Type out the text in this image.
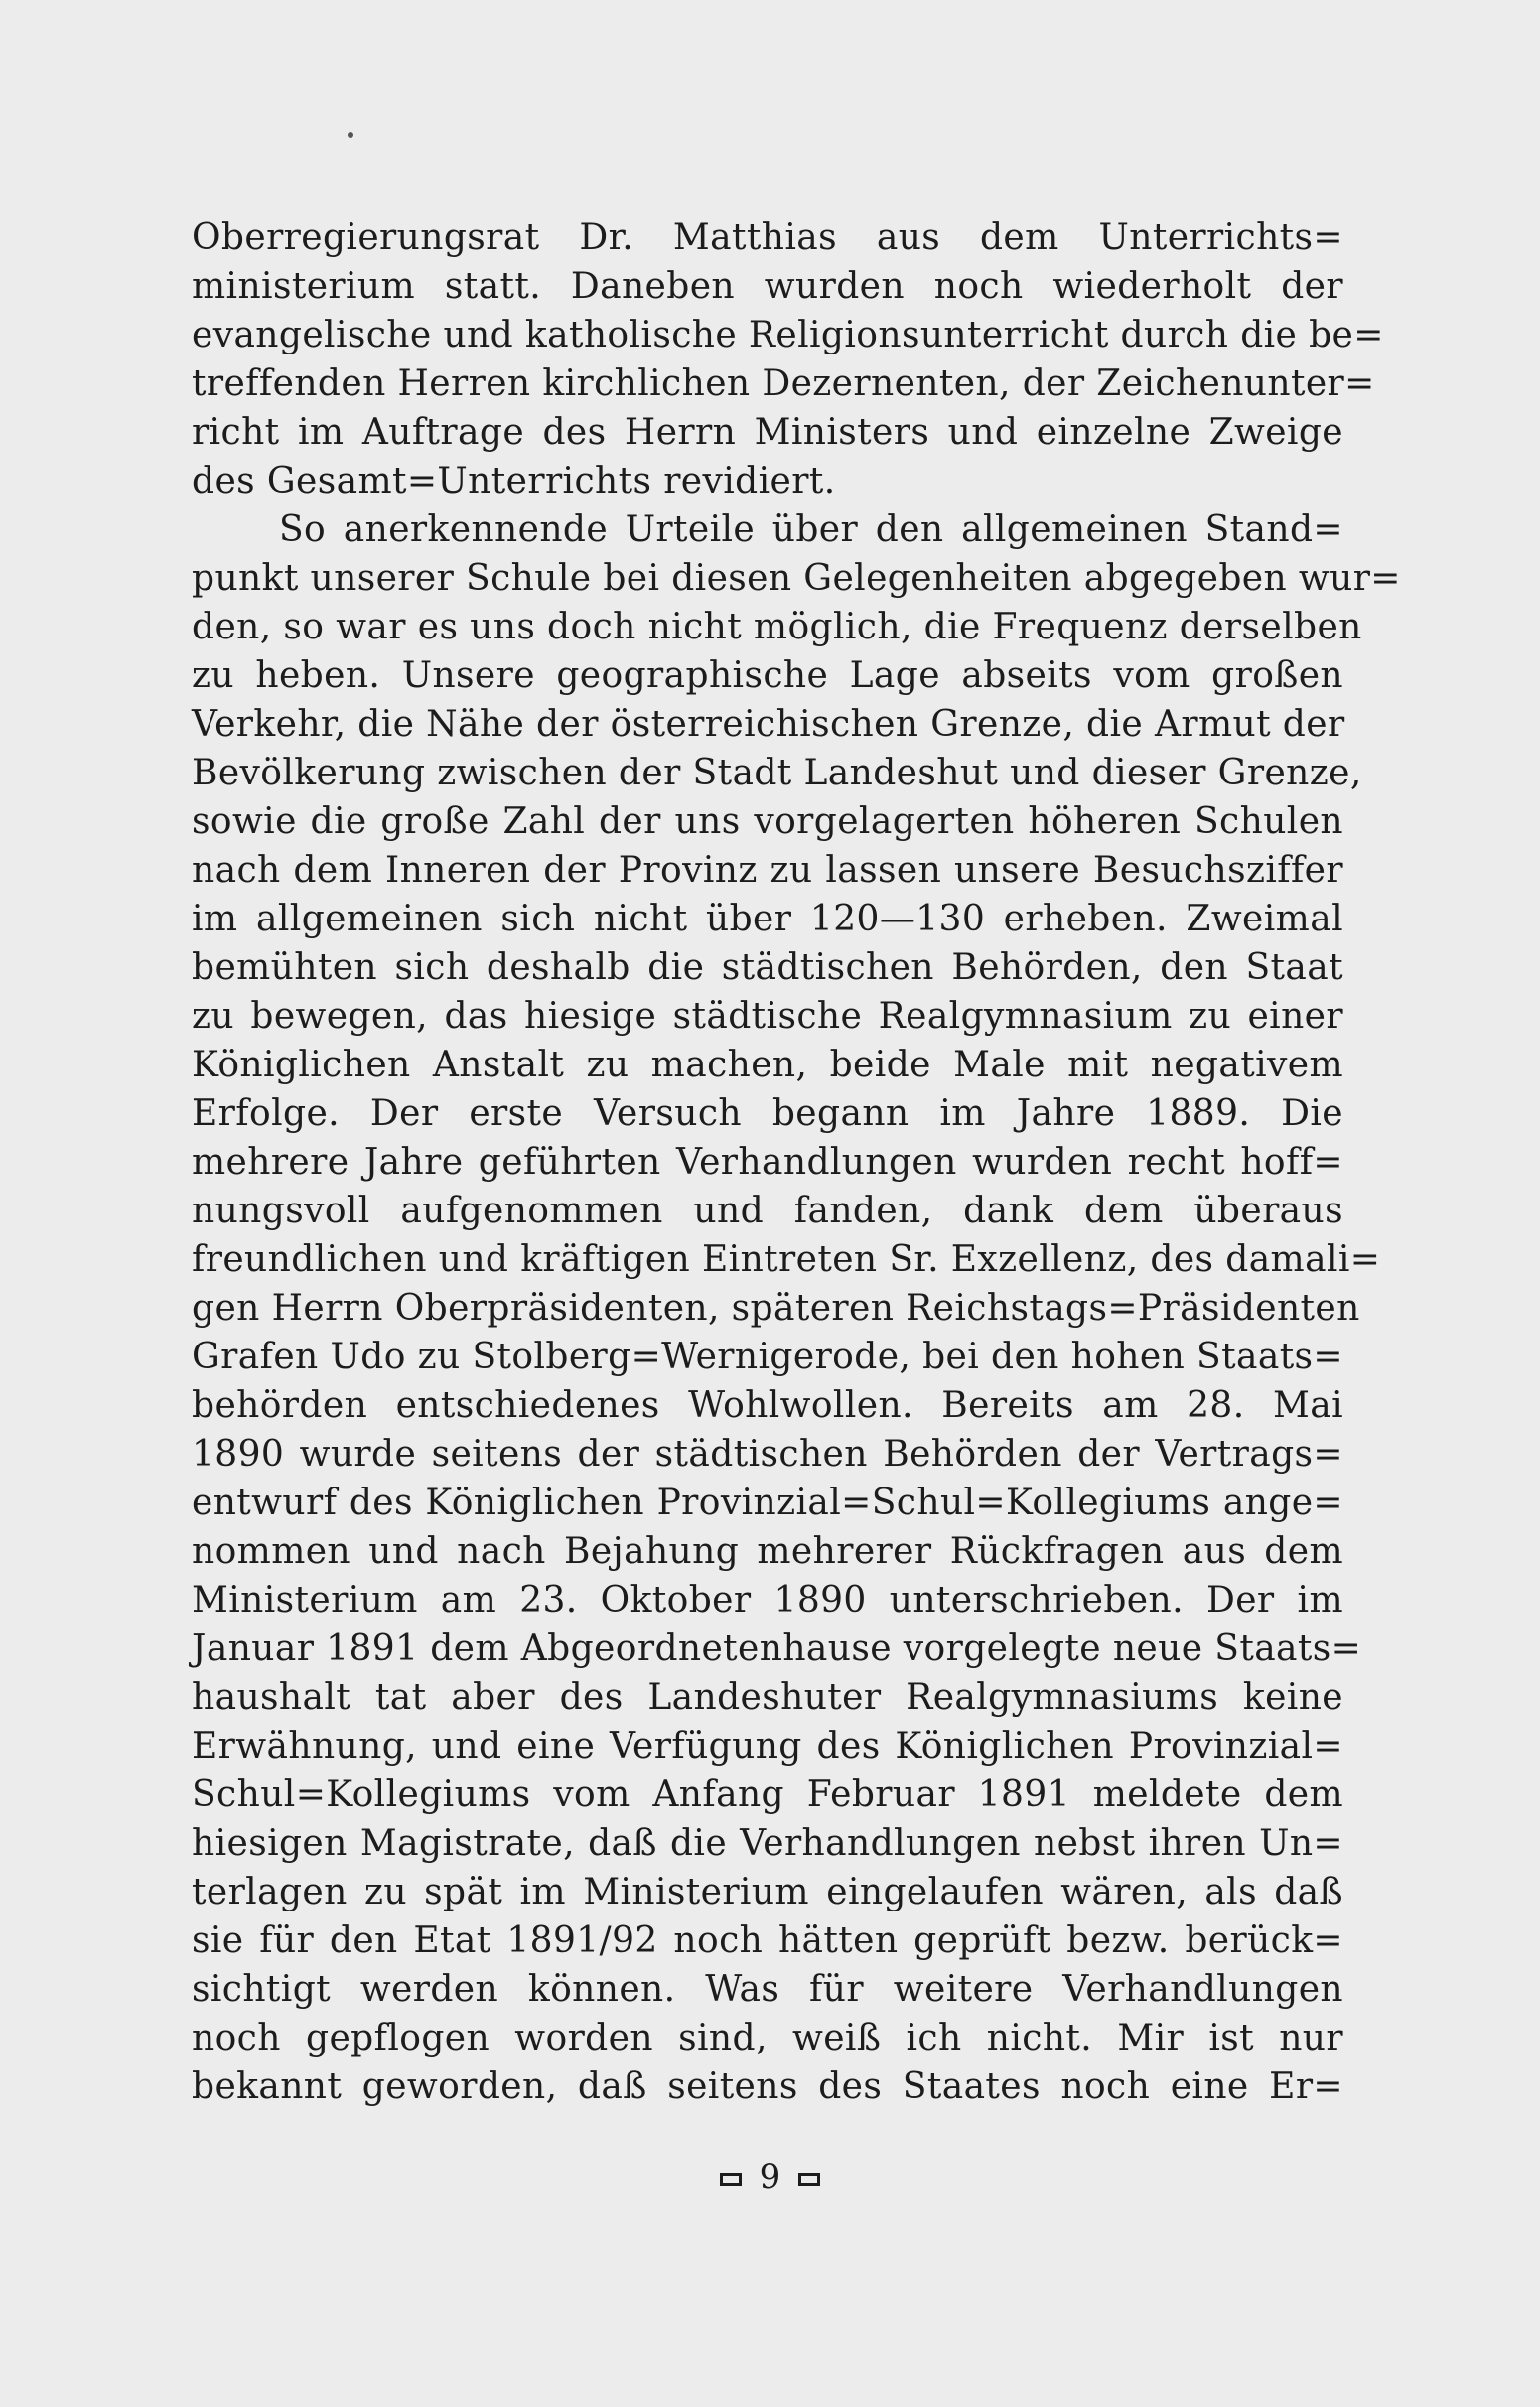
Oberregierungsrat Dr. Matthias aus dem Unterrichts=
ministerium statt. Daneben wurden noch wiederholt der
evangelische und katholische Religionsunterricht durch die be=
treffenden Herren kirchlichen Dezernenten, der Zeichenunter=
richt im Auftrage des Herrn Ministers und einzelne Zweige
des Gesamt=Unterrichts revidiert.
So anerkennende Urteile über den allgemeinen Stand=
punkt unserer Schule bei diesen Gelegenheiten abgegeben wur=
den, so war es uns doch nicht möglich, die Frequenz derselben
zu heben. Unsere geographische Lage abseits vom großen
Verkehr, die Nähe der österreichischen Grenze, die Armut der
Bevölkerung zwischen der Stadt Landeshut und dieser Grenze,
sowie die große Zahl der uns vorgelagerten höheren Schulen
nach dem Inneren der Provinz zu lassen unsere Besuchsziffer
im allgemeinen sich nicht über 120—130 erheben. Zweimal
bemühten sich deshalb die städtischen Behörden, den Staat
zu bewegen, das hiesige städtische Realgymnasium zu einer
Königlichen Anstalt zu machen, beide Male mit negativem
Erfolge. Der erste Versuch begann im Jahre 1889. Die
mehrere Jahre geführten Verhandlungen wurden recht hoff=
nungsvoll aufgenommen und fanden, dank dem überaus
freundlichen und kräftigen Eintreten Sr. Exzellenz, des damali=
gen Herrn Oberpräsidenten, späteren Reichstags=Präsidenten
Grafen Udo zu Stolberg=Wernigerode, bei den hohen Staats=
behörden entschiedenes Wohlwollen. Bereits am 28. Mai
1890 wurde seitens der städtischen Behörden der Vertrags=
entwurf des Königlichen Provinzial=Schul=Kollegiums ange=
nommen und nach Bejahung mehrerer Rückfragen aus dem
Ministerium am 23. Oktober 1890 unterschrieben. Der im
Januar 1891 dem Abgeordnetenhause vorgelegte neue Staats=
haushalt tat aber des Landeshuter Realgymnasiums keine
Erwähnung, und eine Verfügung des Königlichen Provinzial=
Schul=Kollegiums vom Anfang Februar 1891 meldete dem
hiesigen Magistrate, daß die Verhandlungen nebst ihren Un=
terlagen zu spät im Ministerium eingelaufen wären, als daß
sie für den Etat 1891/92 noch hätten geprüft bezw. berück=
sichtigt werden können. Was für weitere Verhandlungen
noch gepflogen worden sind, weiß ich nicht. Mir ist nur
bekannt geworden, daß seitens des Staates noch eine Er=
9
